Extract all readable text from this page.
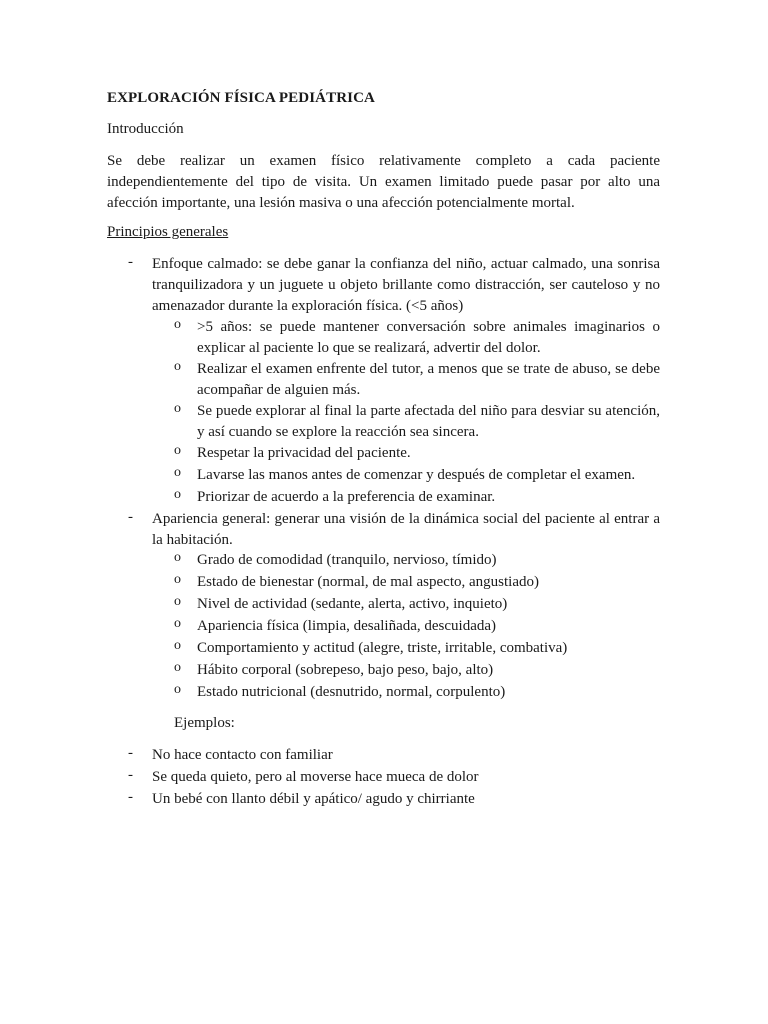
EXPLORACIÓN FÍSICA PEDIÁTRICA
Introducción
Se debe realizar un examen físico relativamente completo a cada paciente
independientemente del tipo de visita. Un examen limitado puede pasar por alto una
afección importante, una lesión masiva o una afección potencialmente mortal.
Principios generales
- Enfoque calmado: se debe ganar la confianza del niño, actuar calmado, una sonrisa
tranquilizadora y un juguete u objeto brillante como distracción, ser cauteloso y no
amenazador durante la exploración física. (<5 años)
o >5 años: se puede mantener conversación sobre animales imaginarios o
explicar al paciente lo que se realizará, advertir del dolor.
o Realizar el examen enfrente del tutor, a menos que se trate de abuso, se debe
acompañar de alguien más.
o Se puede explorar al final la parte afectada del niño para desviar su atención,
y así cuando se explore la reacción sea sincera.
o Respetar la privacidad del paciente.
o Lavarse las manos antes de comenzar y después de completar el examen.
o Priorizar de acuerdo a la preferencia de examinar.
- Apariencia general: generar una visión de la dinámica social del paciente al entrar a
la habitación.
o Grado de comodidad (tranquilo, nervioso, tímido)
o Estado de bienestar (normal, de mal aspecto, angustiado)
o Nivel de actividad (sedante, alerta, activo, inquieto)
o Apariencia física (limpia, desaliñada, descuidada)
o Comportamiento y actitud (alegre, triste, irritable, combativa)
o Hábito corporal (sobrepeso, bajo peso, bajo, alto)
o Estado nutricional (desnutrido, normal, corpulento)
Ejemplos:
- No hace contacto con familiar
- Se queda quieto, pero al moverse hace mueca de dolor
- Un bebé con llanto débil y apático/ agudo y chirriante
